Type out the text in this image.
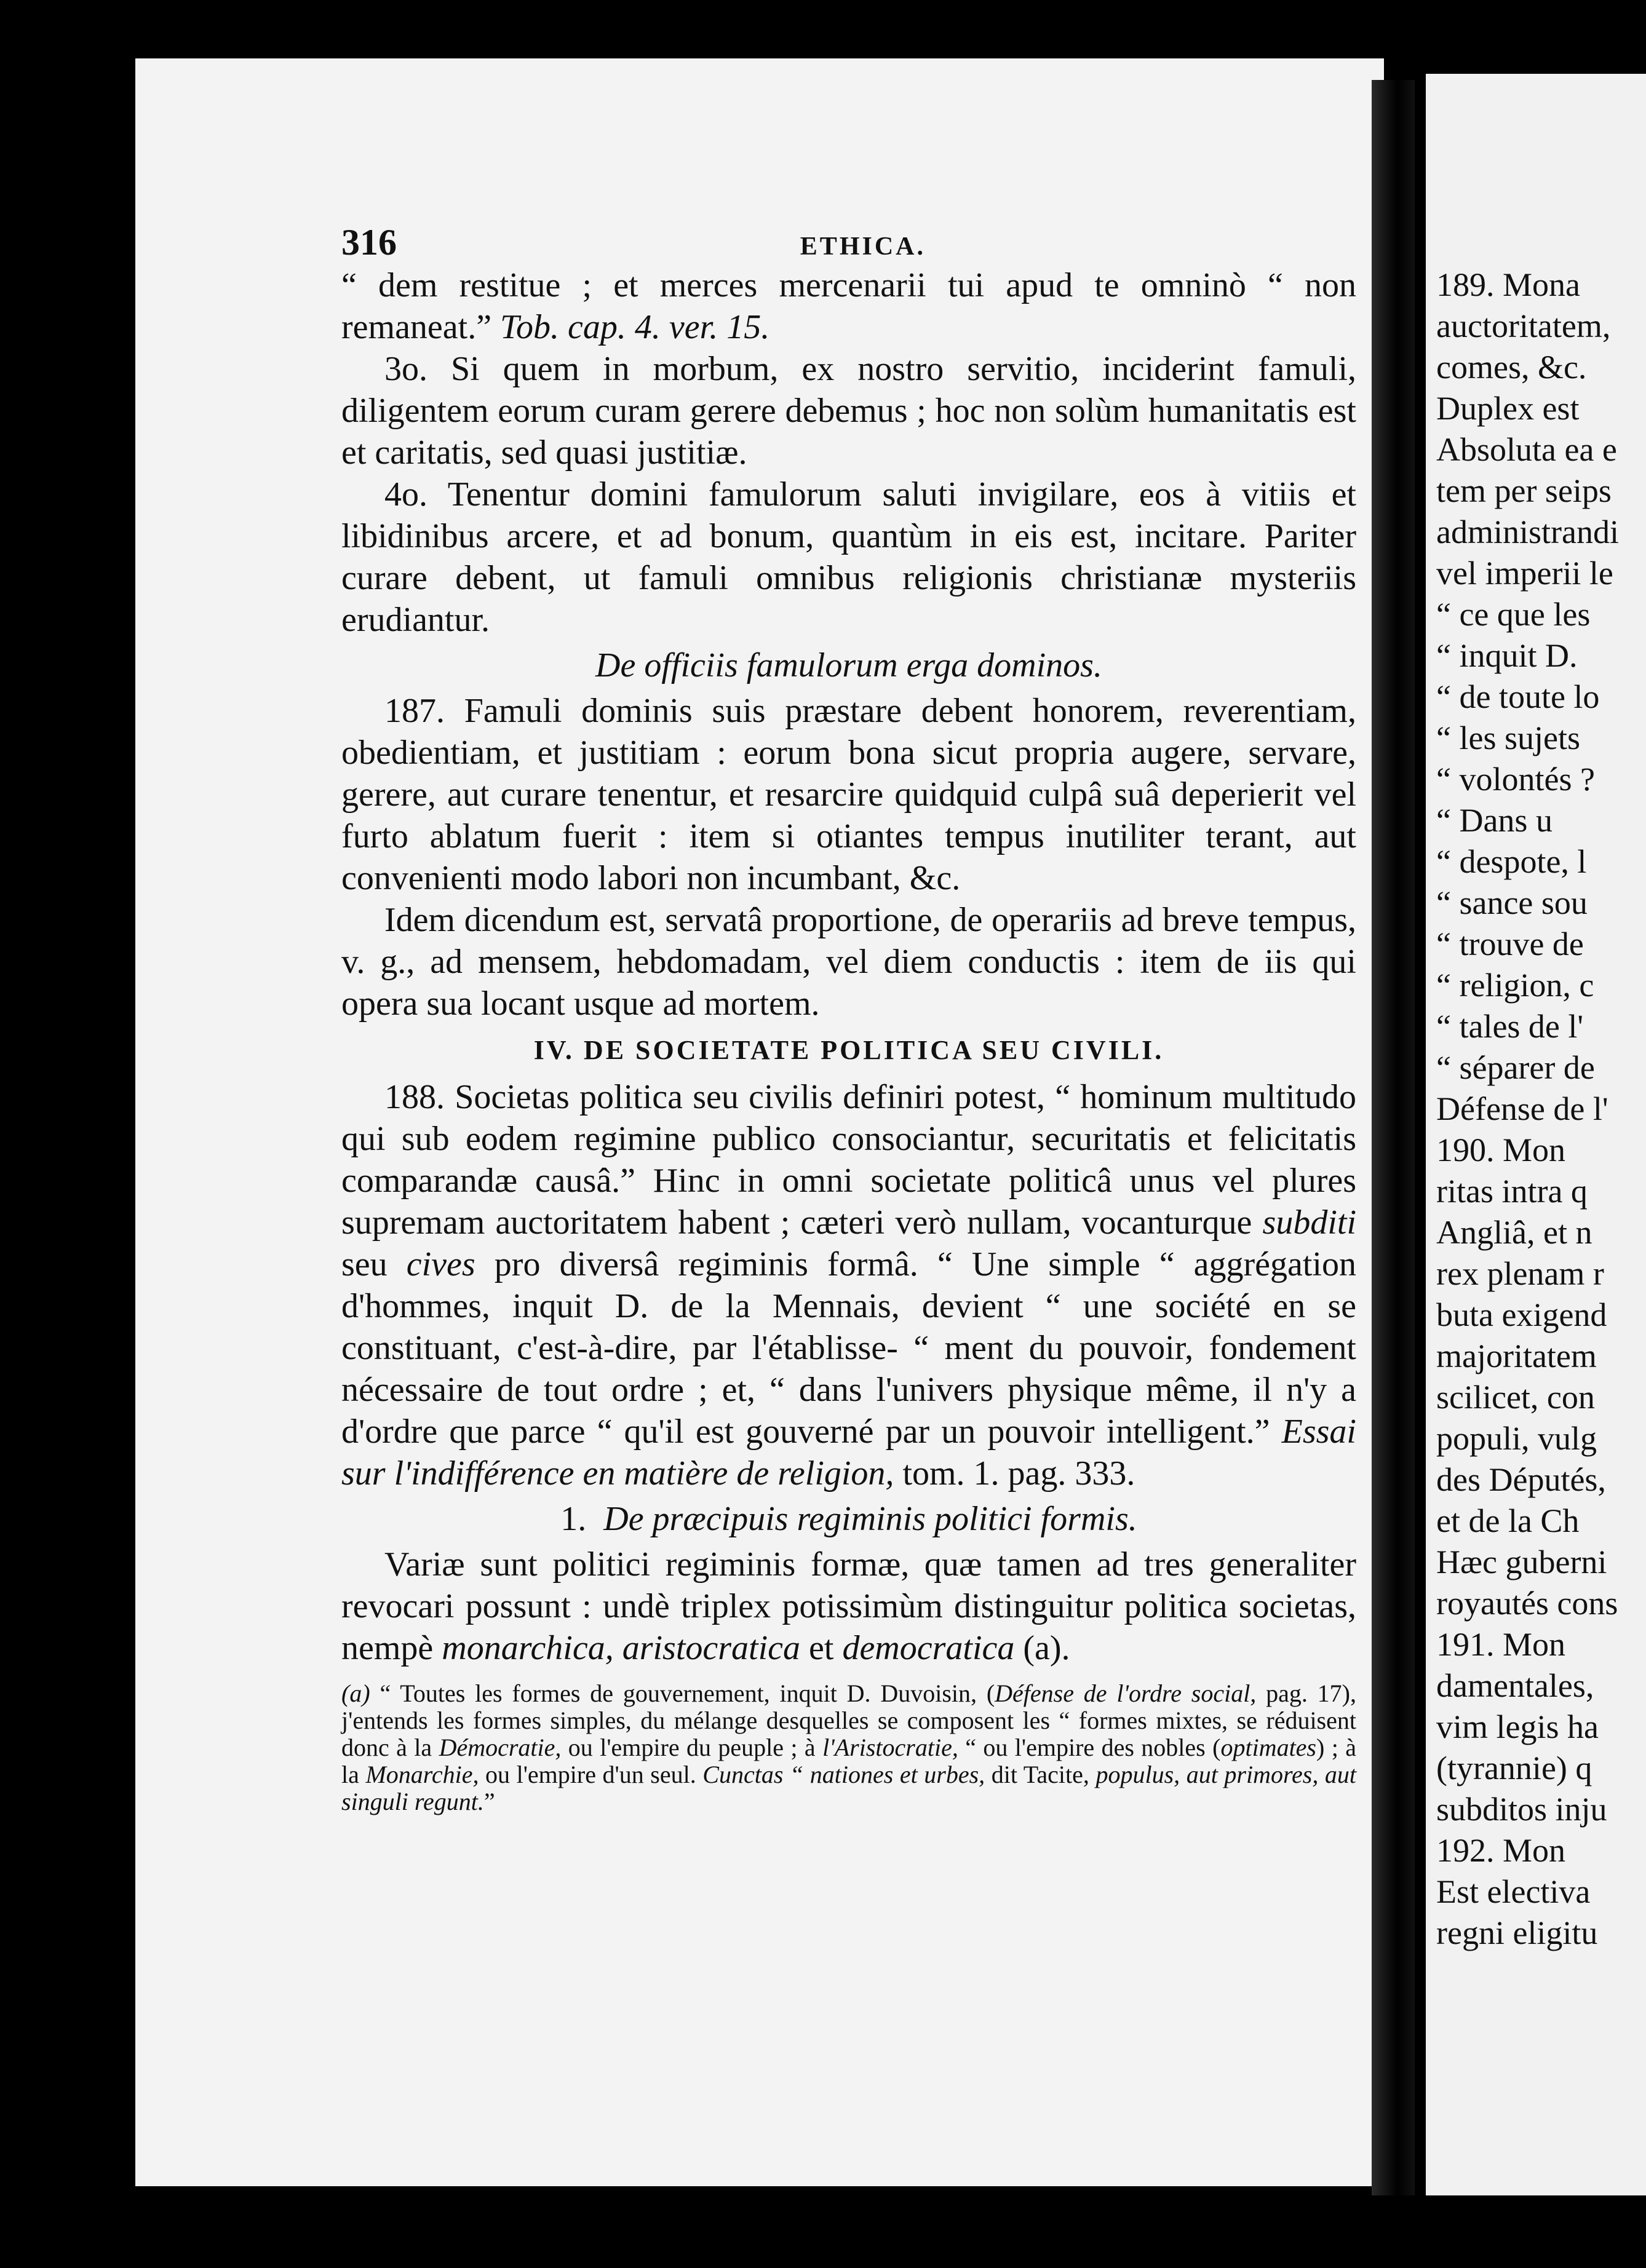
316	ETHICA.

“ dem restitue ; et merces mercenarii tui apud te omninò “ non remaneat.” Tob. cap. 4. ver. 15.

3o. Si quem in morbum, ex nostro servitio, inciderint famuli, diligentem eorum curam gerere debemus ; hoc non solùm humanitatis est et caritatis, sed quasi justitiæ.

4o. Tenentur domini famulorum saluti invigilare, eos à vitiis et libidinibus arcere, et ad bonum, quantùm in eis est, incitare. Pariter curare debent, ut famuli omnibus religionis christianæ mysteriis erudiantur.

De officiis famulorum erga dominos.

187. Famuli dominis suis præstare debent honorem, reverentiam, obedientiam, et justitiam : eorum bona sicut propria augere, servare, gerere, aut curare tenentur, et resarcire quidquid culpâ suâ deperierit vel furto ablatum fuerit : item si otiantes tempus inutiliter terant, aut convenienti modo labori non incumbant, &c.

Idem dicendum est, servatâ proportione, de operariis ad breve tempus, v. g., ad mensem, hebdomadam, vel diem conductis : item de iis qui opera sua locant usque ad mortem.

IV. DE SOCIETATE POLITICA SEU CIVILI.

188. Societas politica seu civilis definiri potest, “ hominum multitudo qui sub eodem regimine publico consociantur, securitatis et felicitatis comparandæ causâ.” Hinc in omni societate politicâ unus vel plures supremam auctoritatem habent ; cæteri verò nullam, vocanturque subditi seu cives pro diversâ regiminis formâ. “ Une simple “ aggrégation d'hommes, inquit D. de la Mennais, devient “ une société en se constituant, c'est-à-dire, par l'établisse- “ ment du pouvoir, fondement nécessaire de tout ordre ; et, “ dans l'univers physique même, il n'y a d'ordre que parce “ qu'il est gouverné par un pouvoir intelligent.” Essai sur l'indifférence en matière de religion, tom. 1. pag. 333.

1. De præcipuis regiminis politici formis.

Variæ sunt politici regiminis formæ, quæ tamen ad tres generaliter revocari possunt : undè triplex potissimùm distinguitur politica societas, nempè monarchica, aristocratica et democratica (a).

(a) “ Toutes les formes de gouvernement, inquit D. Duvoisin, (Défense de l'ordre social, pag. 17), j'entends les formes simples, du mélange desquelles se composent les “ formes mixtes, se réduisent donc à la Démocratie, ou l'empire du peuple ; à l'Aristocratie, “ ou l'empire des nobles (optimates) ; à la Monarchie, ou l'empire d'un seul. Cunctas “ nationes et urbes, dit Tacite, populus, aut primores, aut singuli regunt.”

189. Mona
auctoritatem,
comes, &c.
Duplex est
Absoluta ea e
tem per seips
administrandi
vel imperii le
“ ce que les
“ inquit D.
“ de toute lo
“ les sujets
“ volontés ?
“ Dans u
“ despote, l
“ sance sou
“ trouve de
“ religion, c
“ tales de l'
“ séparer de
Défense de l'
190. Mon
ritas intra q
Angliâ, et n
rex plenam r
buta exigend
majoritatem
scilicet, con
populi, vulg
des Députés,
et de la Ch
Hæc guberni
royautés cons
191. Mon
damentales,
vim legis ha
(tyrannie) q
subditos inju
192. Mon
Est electiva
regni eligitu
